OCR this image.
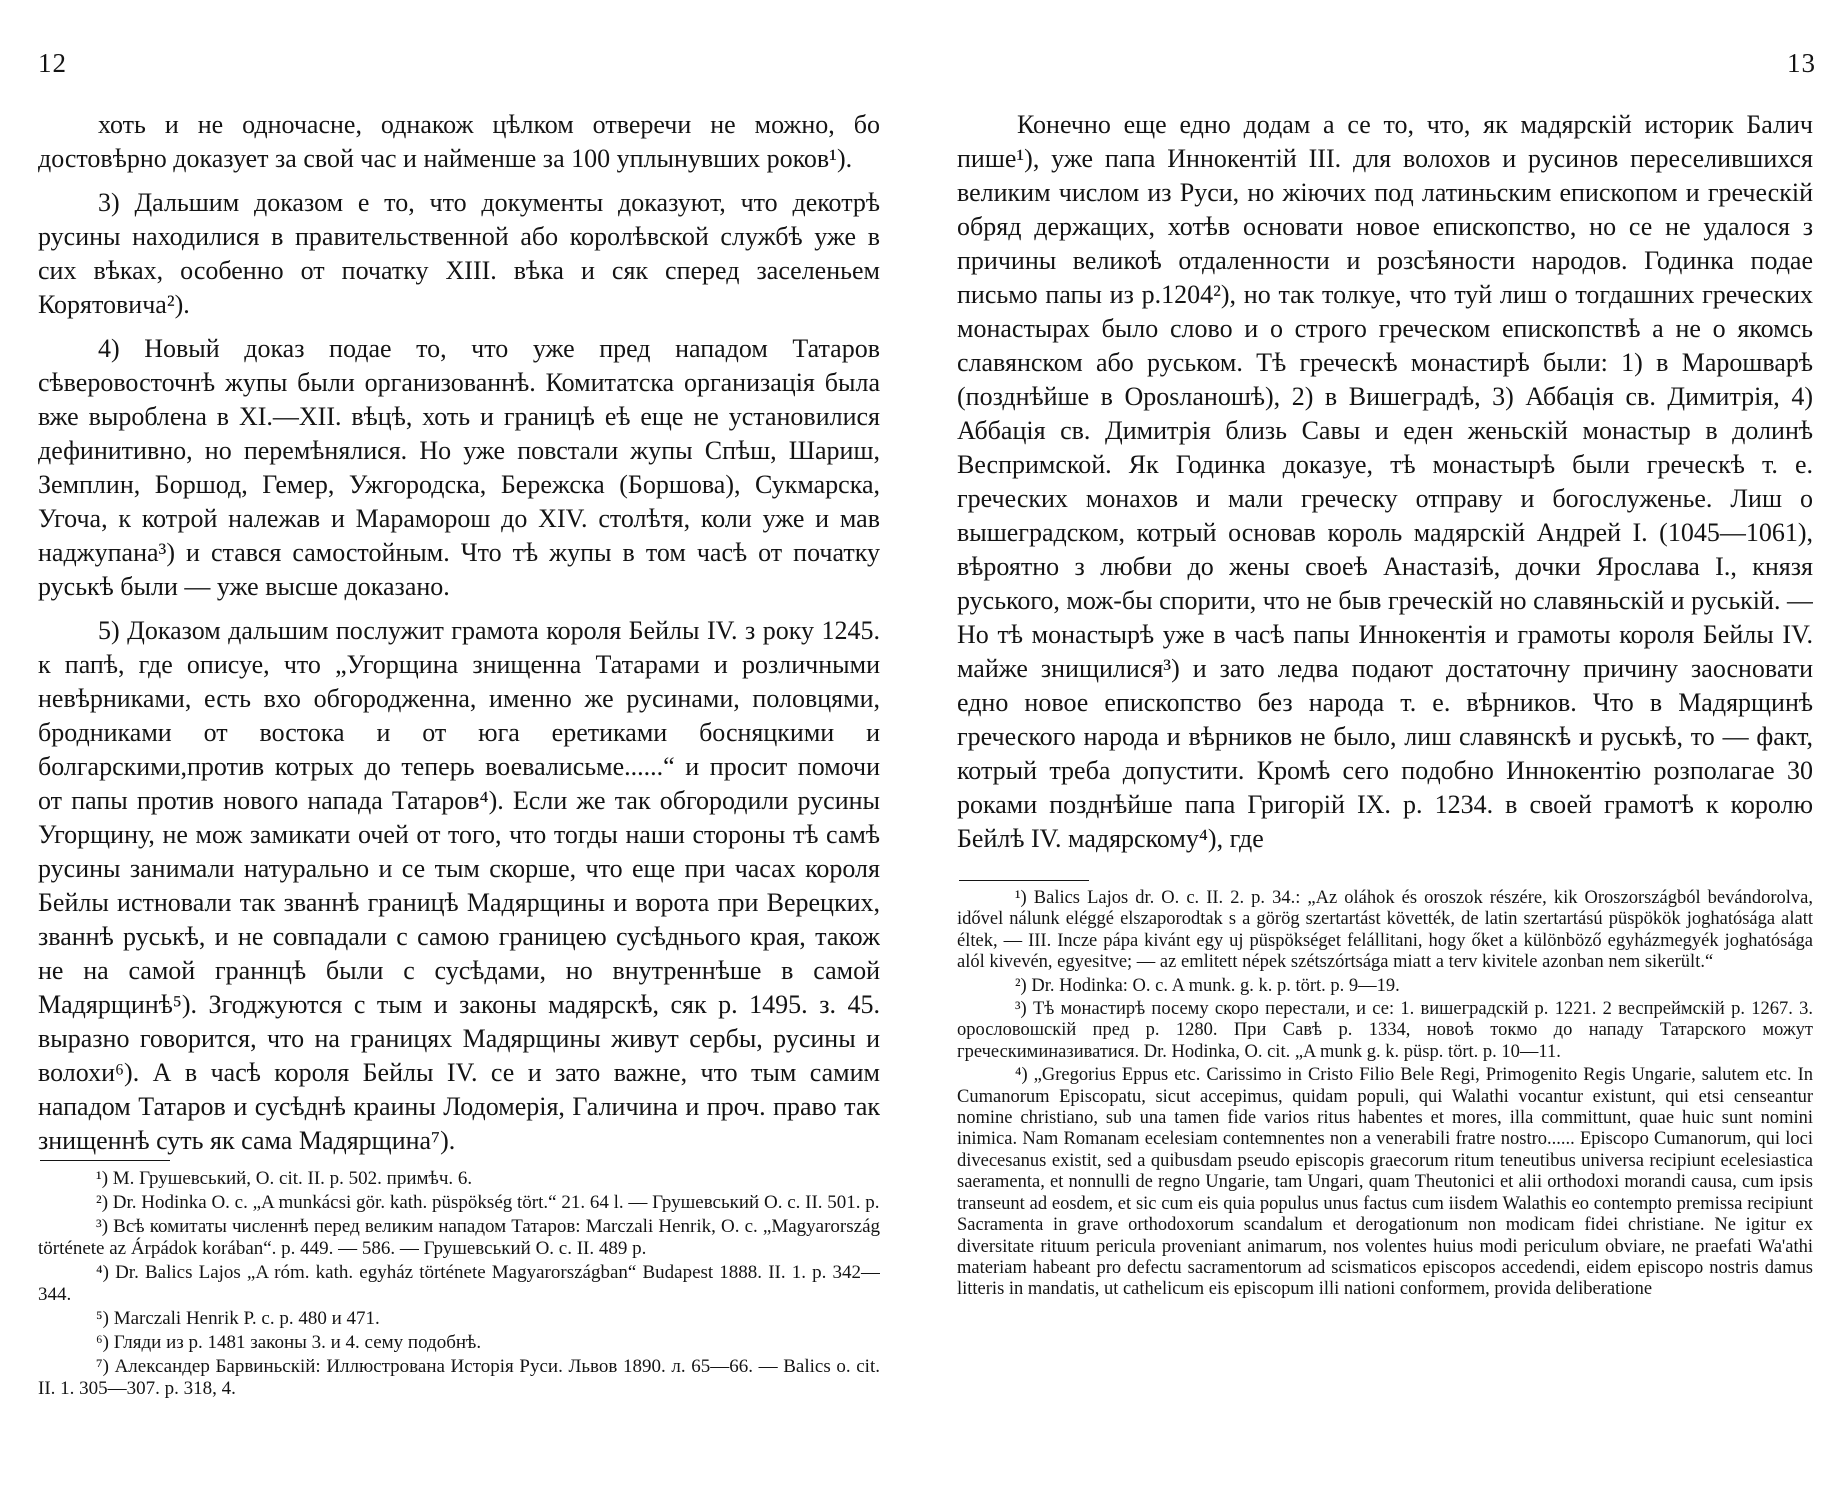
12

хоть и не одночасне, однакож цѣлком отверечи не можно, бо достовѣрно доказует за свой час и найменше за 100 уплынувших роков¹).

3) Дальшим доказом е то, что документы доказуют, что декотрѣ русины находилися в правительственной або королѣвской службѣ уже в сих вѣках, особенно от початку XIII. вѣка и сяк сперед заселеньем Корятовича²).

4) Новый доказ подае то, что уже пред нападом Татаров сѣверовосточнѣ жупы были организованнѣ. Комитатска организація была вже выроблена в XI.—XII. вѣцѣ, хоть и границѣ еѣ еще не установилися дефинитивно, но перемѣнялися. Но уже повстали жупы Спѣш, Шариш, Земплин, Боршод, Гемер, Ужгородска, Бережска (Боршова), Сукмарска, Угоча, к котрой належав и Мараморош до XIV. столѣтя, коли уже и мав наджупана³) и стався самостойным. Что тѣ жупы в том часѣ от початку руськѣ были — уже высше доказано.

5) Доказом дальшим послужит грамота короля Бейлы IV. з року 1245. к папѣ, где описуе, что „Угорщина знищенна Татарами и розличными невѣрниками, есть вхо обгородженна, именно же русинами, половцями, бродниками от востока и от юга еретиками босняцкими и болгарскими,против котрых до теперь воевалисьме......“ и просит помочи от папы против нового напада Татаров⁴). Если же так обгородили русины Угорщину, не мож замикати очей от того, что тогды наши стороны тѣ самѣ русины занимали натурально и се тым скорше, что еще при часах короля Бейлы истновали так званнѣ границѣ Мадярщины и ворота при Верецких, званнѣ руськѣ, и не совпадали с самою границею сусѣднього края, також не на самой граннцѣ были с сусѣдами, но внутреннѣше в самой Мадярщинѣ⁵). Згоджуются с тым и законы мадярскѣ, сяк р. 1495. з. 45. выразно говорится, что на границях Мадярщины живут сербы, русины и волохи⁶). А в часѣ короля Бейлы IV. се и зато важне, что тым самим нападом Татаров и сусѣднѣ краины Лодомерія, Галичина и проч. право так знищеннѣ суть як сама Мадярщина⁷).

¹) М. Грушевський, О. cit. II. p. 502. примѣч. 6.
²) Dr. Hodinka О. с. „A munkácsi gör. kath. püspökség tört.“ 21. 64 l. — Грушевський О. с. II. 501. p.
³) Всѣ комитаты численнѣ перед великим нападом Татаров: Marczali Henrik, O. c. „Magyarország története az Árpádok korában“. p. 449. — 586. — Грушевський О. с. II. 489 p.
⁴) Dr. Balics Lajos „A róm. kath. egyház története Magyarországban“ Budapest 1888. II. 1. p. 342—344.
⁵) Marczali Henrik P. c. p. 480 и 471.
⁶) Гляди из р. 1481 законы 3. и 4. сему подобнѣ.
⁷) Александер Барвиньскій: Иллюстрована Исторія Руси. Львов 1890. л. 65—66. — Balics o. cit. II. 1. 305—307. p. 318, 4.
13

Конечно еще едно додам а се то, что, як мадярскій историк Балич пише¹), уже папа Иннокентій III. для волохов и русинов переселившихся великим числом из Руси, но жіючих под латиньским епископом и греческій обряд держащих, хотѣв основати новое епископство, но се не удалося з причины великоѣ отдаленности и розсѣяности народов. Годинка подае письмо папы из р.1204²), но так толкуе, что туй лиш о тогдашних греческих монастырах было слово и о строго греческом епископствѣ а не о якомсь славянском або руськом. Тѣ греческѣ монастирѣ были: 1) в Марошварѣ (позднѣйше в Орosланошѣ), 2) в Вишеградѣ, 3) Аббація св. Димитрія, 4) Аббація св. Димитрія близь Савы и еден женьскій монастыр в долинѣ Веспримской. Як Годинка доказуе, тѣ монастырѣ были греческѣ т. е. греческих монахов и мали греческу отправу и богослуженье. Лиш о вышеградском, котрый основав король мадярскій Андрей I. (1045—1061), вѣроятно з любви до жены своеѣ Анастазіѣ, дочки Ярослава I., князя руського, мож-бы спорити, что не быв греческій но славяньскій и руській. — Но тѣ монастырѣ уже в часѣ папы Иннокентія и грамоты короля Бейлы IV. майже знищилися³) и зато ледва подают достаточну причину заосновати едно новое епископство без народа т. е. вѣрников. Что в Мадярщинѣ греческого народа и вѣрников не было, лиш славянскѣ и руськѣ, то — факт, котрый треба допустити. Кромѣ сего подобно Иннокентію розполагае 30 роками позднѣйше папа Григорій IX. р. 1234. в своей грамотѣ к королю Бейлѣ IV. мадярскому⁴), где

¹) Balics Lajos dr. O. c. II. 2. p. 34.: „Az oláhok és oroszok részére, kik Oroszországból bevándorolva, idővel nálunk eléggé elszaporodtak s a görög szertartást követték, de latin szertartású püspökök joghatósága alatt éltek, — III. Incze pápa kivánt egy uj püspökséget felállitani, hogy őket a különböző egyházmegyék joghatósága alól kivevén, egyesitve; — az emlitett népek szétszórtsága miatt a terv kivitele azonban nem sikerült.“
²) Dr. Hodinka: O. c. A munk. g. k. p. tört. p. 9—19.
³) Тѣ монастирѣ посему скоро перестали, и се: 1. вишеградскій р. 1221. 2 веспреймскій р. 1267. 3. орословошскій пред р. 1280. При Савѣ р. 1334, новоѣ токмо до нападу Татарского можут греческиминазиватися. Dr. Hodinka, O. cit. „A munk g. k. püsp. tört. p. 10—11.
⁴) „Gregorius Eppus etc. Carissimo in Cristo Filio Bele Regi, Primogenito Regis Ungarie, salutem etc. In Cumanorum Episcopatu, sicut accepimus, quidam populi, qui Walathi vocantur existunt, qui etsi censeantur nomine christiano, sub una tamen fide varios ritus habentes et mores, illa committunt, quae huic sunt nomini inimica. Nam Romanam ecelesiam contemnentes non a venerabili fratre nostro...... Episcopo Cumanorum, qui loci divecesanus existit, sed a quibusdam pseudo episcopis graecorum ritum teneutibus universa recipiunt ecelesiastica saeramenta, et nonnulli de regno Ungarie, tam Ungari, quam Theutonici et alii orthodoxi morandi causa, cum ipsis transeunt ad eosdem, et sic cum eis quia populus unus factus cum iisdem Walathis eo contempto premissa recipiunt Sacramenta in grave orthodoxorum scandalum et derogationum non modicam fidei christiane. Ne igitur ex diversitate rituum pericula proveniant animarum, nos volentes huius modi periculum obviare, ne praefati Wa'athi materiam habeant pro defectu sacramentorum ad scismaticos episcopos accedendi, eidem episcopo nostris damus litteris in mandatis, ut cathelicum eis episcopum illi nationi conformem, provida deliberatione
